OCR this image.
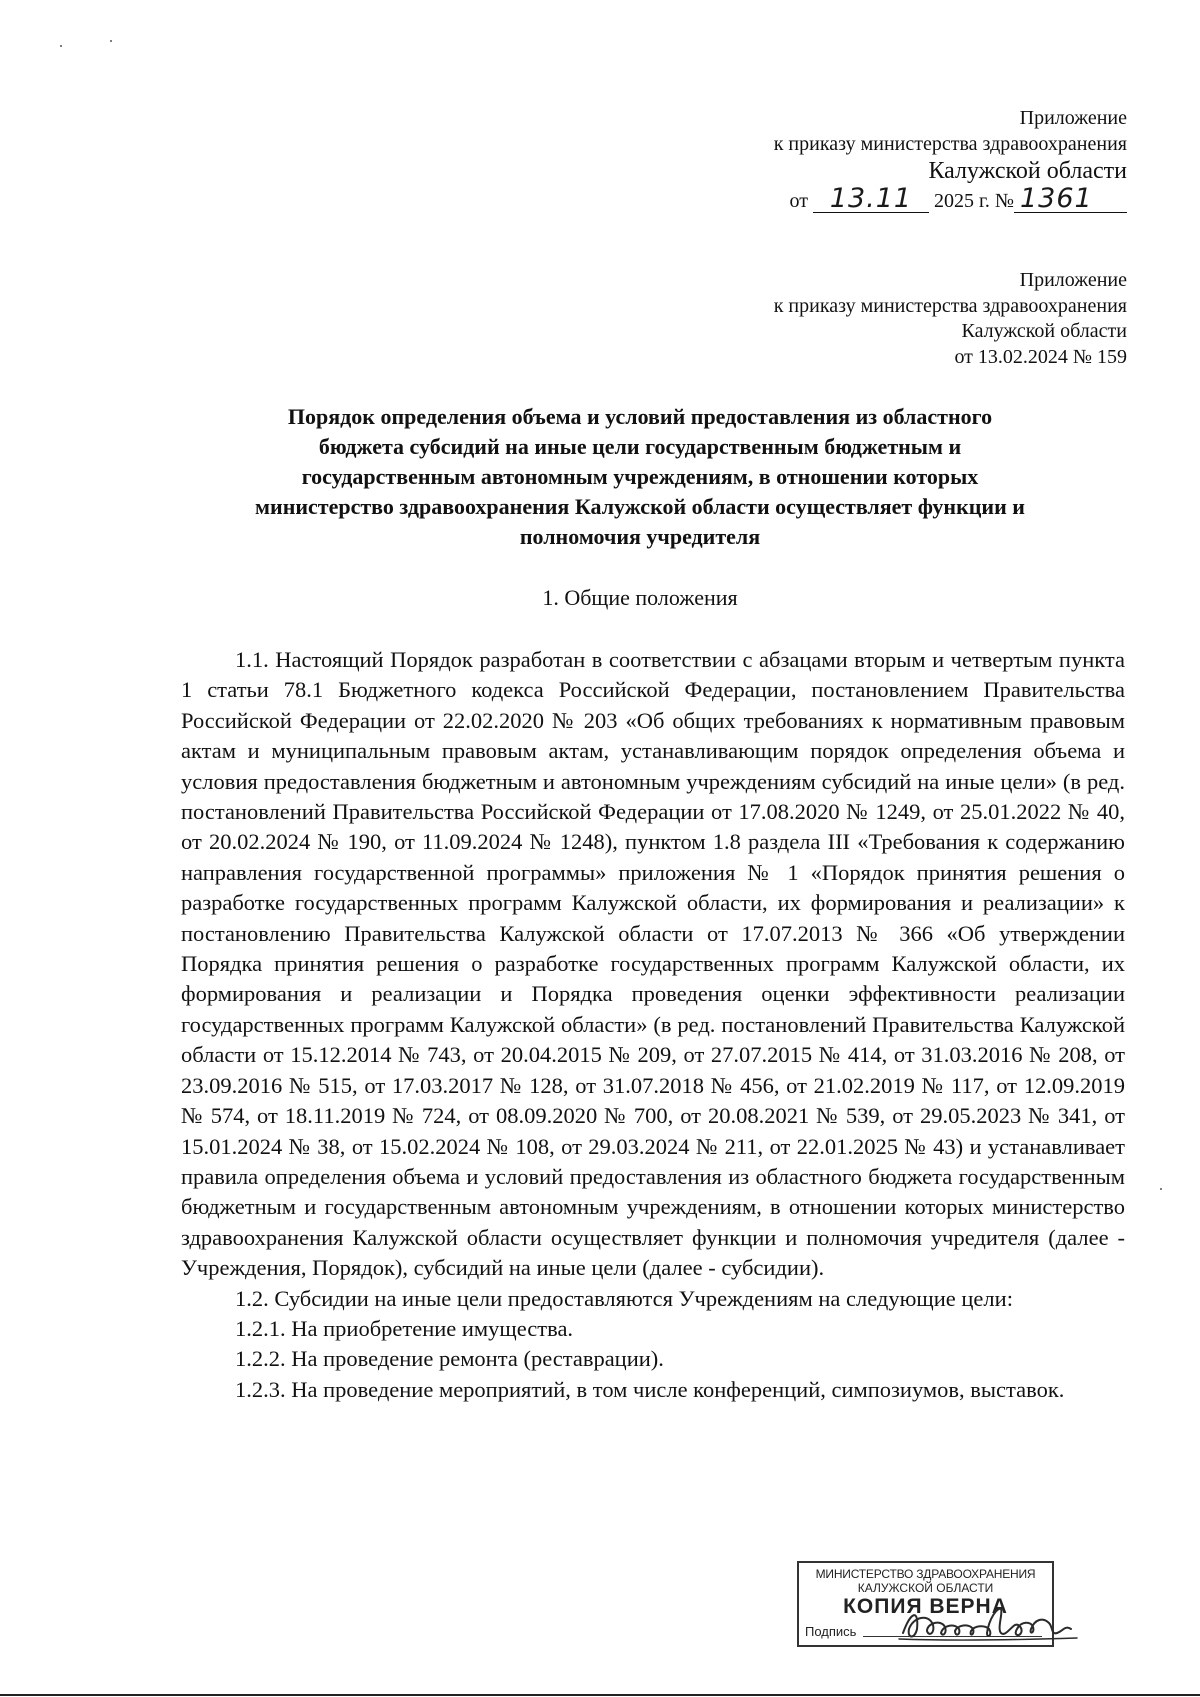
Приложение
к приказу министерства здравоохранения
Калужской области
от 13.11 2025 г. № 1361
Приложение
к приказу министерства здравоохранения
Калужской области
от 13.02.2024 № 159
Порядок определения объема и условий предоставления из областного
бюджета субсидий на иные цели государственным бюджетным и
государственным автономным учреждениям, в отношении которых
министерство здравоохранения Калужской области осуществляет функции и
полномочия учредителя
1. Общие положения

1.1. Настоящий Порядок разработан в соответствии с абзацами вторым и четвертым пункта 1 статьи 78.1 Бюджетного кодекса Российской Федерации, постановлением Правительства Российской Федерации от 22.02.2020 № 203 «Об общих требованиях к нормативным правовым актам и муниципальным правовым актам, устанавливающим порядок определения объема и условия предоставления бюджетным и автономным учреждениям субсидий на иные цели» (в ред. постановлений Правительства Российской Федерации от 17.08.2020 № 1249, от 25.01.2022 № 40, от 20.02.2024 № 190, от 11.09.2024 № 1248), пунктом 1.8 раздела III «Требования к содержанию направления государственной программы» приложения № 1 «Порядок принятия решения о разработке государственных программ Калужской области, их формирования и реализации» к постановлению Правительства Калужской области от 17.07.2013 № 366 «Об утверждении Порядка принятия решения о разработке государственных программ Калужской области, их формирования и реализации и Порядка проведения оценки эффективности реализации государственных программ Калужской области» (в ред. постановлений Правительства Калужской области от 15.12.2014 № 743, от 20.04.2015 № 209, от 27.07.2015 № 414, от 31.03.2016 № 208, от 23.09.2016 № 515, от 17.03.2017 № 128, от 31.07.2018 № 456, от 21.02.2019 № 117, от 12.09.2019 № 574, от 18.11.2019 № 724, от 08.09.2020 № 700, от 20.08.2021 № 539, от 29.05.2023 № 341, от 15.01.2024 № 38, от 15.02.2024 № 108, от 29.03.2024 № 211, от 22.01.2025 № 43) и устанавливает правила определения объема и условий предоставления из областного бюджета государственным бюджетным и государственным автономным учреждениям, в отношении которых министерство здравоохранения Калужской области осуществляет функции и полномочия учредителя (далее - Учреждения, Порядок), субсидий на иные цели (далее - субсидии).

1.2. Субсидии на иные цели предоставляются Учреждениям на следующие цели:

1.2.1. На приобретение имущества.

1.2.2. На проведение ремонта (реставрации).

1.2.3. На проведение мероприятий, в том числе конференций, симпозиумов, выставок.

МИНИСТЕРСТВО ЗДРАВООХРАНЕНИЯ
КАЛУЖСКОЙ ОБЛАСТИ
КОПИЯ ВЕРНА
Подпись
